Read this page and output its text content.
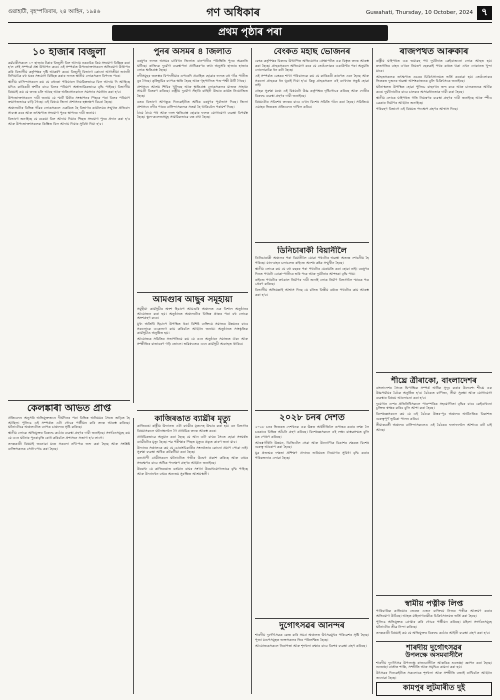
গুৱাহাটী, বৃহস্পতিবাৰ, ২৪ আহিন, ১৯৪৬	গণ অধিকাৰ	Guwahati, Thursday, 10 October, 2024 ৭
প্ৰথম পৃষ্ঠাৰ পৰা
১০ হাজাৰ বিজুলী

কৰ্মচাৰীসকলে ১০ হাজাৰ টকাৰ বিজুলী বিল আদায় নকৰাকৈ কিয় সংযোগ বিচ্ছিন্ন কৰা হ'ল সেই সম্পৰ্কে প্ৰশ্ন উত্থাপন কৰে। এই সম্পৰ্কত উপভোক্তাসকলে অভিযোগ উত্থাপন কৰি বিভাগীয় কৰ্তৃপক্ষৰ দৃষ্টি আকৰ্ষণ কৰে। বিজুলী বিভাগে কোনো আগতীয়া জাননী নিদিয়াকৈ বহু ঘৰৰ সংযোগ বিচ্ছিন্ন কৰাৰ ফলত স্থানীয় লোকসকল বিপদত পৰে।

স্থানীয় বাসিন্দাসকলে কয় যে বহুতো পৰিয়ালে নিয়মিতভাৱে বিল আদায় দি আহিছে যদিও কাৰিকৰী ত্ৰুটিৰ বাবে বিলৰ পৰিমাণ অস্বাভাৱিকভাৱে বৃদ্ধি পাইছে। বিভাগীয় বিষয়াই কয় যে তদন্ত চলি আছে আৰু অতিসোনকালে সমস্যাৰ সমাধান কৰা হ'ব।

উপভোক্তাসকলে দাবী জনায় যে স্মাৰ্ট মিটাৰ সংস্থাপনৰ পিছৰে পৰা বিলৰ পৰিমাণ ক্ৰমাগতভাৱে বাঢ়ি গৈছে। এই বিষয়ে জিলা প্ৰশাসনৰ হস্তক্ষেপ বিচৰা হৈছে।

অঞ্চলটোৰ বিভিন্ন গাঁৱৰ লোকসকলে একত্ৰিত হৈ বিভাগৰ কাৰ্যালয়ৰ সন্মুখত প্ৰতিবাদ সাব্যস্ত কৰে আৰু তৎক্ষণাত সংযোগ পুনৰ স্থাপনৰ দাবী জনায়।

বিভাগে জনাইছে যে বকেয়া বিল আদায় দিয়াৰ পিছত সংযোগ পুনৰ প্ৰদান কৰা হ'ব আৰু উপভোক্তাসকলক কিস্তিত বিল আদায় দিয়াৰ সুবিধা দিয়া হ'ব।

কেলঙ্কাৰী অভিত প্ৰাপ্ত

প্ৰতিবেদন অনুসৰি অভিযুক্তজনে দীৰ্ঘদিনৰ পৰা বিভিন্ন অনিয়মৰ সৈতে জড়িত হৈ আছিল। পুলিচে এই সম্পৰ্কত এটা গোচৰ পঞ্জীয়ন কৰি তদন্ত আৰম্ভ কৰিছে। ঘটনাটোৱে অঞ্চলটোত ব্যাপক চাঞ্চল্যৰ সৃষ্টি কৰিছে।

স্থানীয় লোকে অভিযুক্তৰ বিৰুদ্ধে কঠোৰ ব্যৱস্থা গ্ৰহণৰ দাবী জনাইছে। সংগঠনসমূহে কয় যে এনে ঘটনাৰ পুনৰাবৃত্তি ৰোধ কৰিবলৈ প্ৰশাসনে সজাগ হ'ব লাগে।

তদন্তকাৰী বিষয়াই জনোৱা মতে সকলো নথি-পত্ৰ জব্দ কৰা হৈছে আৰু সংশ্লিষ্ট ব্যক্তিসকলক সোধ-পোচ কৰা হৈছে।

পুনৰ অসমৰ ৪ জিলাত

বৰষুণৰ ফলত অসমৰ চাৰিখন জিলাত বানপানীৰ পৰিস্থিতি পুনৰ অৱনতি ঘটিছে। ৰাজ্যিক দুৰ্যোগ ব্যৱস্থাপনা প্ৰাধিকৰণৰ তথ্য অনুসৰি হাজাৰ হাজাৰ লোক ক্ষতিগ্ৰস্ত হৈছে।

নদীসমূহৰ জলস্তৰ বিপদসীমাৰ ওপৰেদি প্ৰবাহিত হোৱাৰ ফলত বহু গাঁও পানীত বুৰ গৈছে। কৃষিভূমিৰ ব্যাপক ক্ষতি হৈছে আৰু গৃহপালিত পশু-পক্ষী উটি গৈছে।

প্ৰশাসনে আশ্ৰয় শিবিৰ খুলিছে আৰু ক্ষতিগ্ৰস্ত লোকসকলৰ মাজত সাহায্য সামগ্ৰী বিতৰণ কৰিছে। ৰাষ্ট্ৰীয় দুৰ্যোগ সঁহাৰি বাহিনী উদ্ধাৰ কাৰ্যত নিয়োজিত হৈছে।

বতৰ বিভাগে আগন্তুক দিনকেইটাত অধিক বৰষুণৰ পূৰ্বাভাস দিছে। জিলা প্ৰশাসনে নদীৰ পাৰৰ বাসিন্দাসকলক সতৰ্ক হৈ থাকিবলৈ পৰামৰ্শ দিছে।

ঠায়ে ঠায়ে পথ আৰু দলং ক্ষতিগ্ৰস্ত হোৱাৰ ফলত যোগাযোগ ব্যৱস্থা বিপৰ্যস্ত হৈছে। স্কুল-কলেজসমূহ সাময়িকভাৱে বন্ধ ৰখা হৈছে।

আমগুৰি আছুৰ সমূহীয়া

সমূহীয়া কাৰ্যসূচীৰ অংশ হিচাপে আমগুৰি অঞ্চলত এক বিশাল অনুষ্ঠানৰ আয়োজন কৰা হয়। অনুষ্ঠানত অঞ্চলটোৰ বিভিন্ন প্ৰান্তৰ পৰা বহু লোকে অংশগ্ৰহণ কৰে।

মুখ্য অতিথি হিচাপে উপস্থিত থকা বিশিষ্ট ব্যক্তিয়ে সমাজৰ উন্নয়নৰ বাবে সকলোকে একেলগে কাম কৰিবলৈ আহ্বান জনায়। অনুষ্ঠানত সাংস্কৃতিক কাৰ্যসূচীও অনুষ্ঠিত হয়।

আয়োজক সমিতিৰ সভাপতিয়ে কয় যে এনে অনুষ্ঠানে সমাজত ঐক্য আৰু সম্প্ৰীতিৰ বাতাবৰণ গঢ়ি তোলে। ভৱিষ্যতেও এনে কাৰ্যসূচী অব্যাহত থাকিব।

কাজিৰঙাত ব্যাঘ্ৰীৰ মৃত্যু

কাজিৰঙা ৰাষ্ট্ৰীয় উদ্যানত এটা ব্যাঘ্ৰীৰ মৃতদেহ উদ্ধাৰ কৰা হয়। বন বিভাগৰ বিষয়াসকলে ঘটনাস্থললৈ গৈ প্ৰাথমিক তদন্ত আৰম্ভ কৰে।

প্ৰাথমিকভাৱে অনুমান কৰা হৈছে যে আন এটা বাঘৰ সৈতে হোৱা সংঘৰ্ষত ব্যাঘ্ৰীটোৰ মৃত্যু হৈছে। শৱ পৰীক্ষাৰ পিছত মৃত্যুৰ প্ৰকৃত কাৰণ জনা যাব।

উদ্যানৰ সঞ্চালকে কয় যে চোৰাংচিকাৰীৰ সংলগ্নতাৰ কোনো প্ৰমাণ পোৱা নাই। সুৰক্ষা ব্যৱস্থা অধিক কটকটীয়া কৰা হৈছে।

বন্যপ্ৰাণী প্ৰেমীসকলে ঘটনাটোত গভীৰ উদ্বেগ প্ৰকাশ কৰিছে আৰু বাঘৰ সংৰক্ষণৰ বাবে অধিক পদক্ষেপ গ্ৰহণৰ আহ্বান জনাইছে।

উল্লেখ্য যে কাজিৰঙাত বৰ্তমান বাঘৰ সংখ্যা উল্লেখযোগ্যভাৱে বৃদ্ধি পাইছে আৰু উদ্যানখন বাঘৰ অন্যতম সুৰক্ষিত আশ্ৰয়স্থলী।

বেংকত মহাছ ভোজনৰ

বেংক কৰ্তৃপক্ষৰ বিৰুদ্ধে উত্থাপিত অভিযোগৰ প্ৰেক্ষাপটত এক বিস্তৃত তদন্ত আৰম্ভ কৰা হৈছে। গ্ৰাহকসকলে অভিযোগ কৰে যে তেওঁলোকৰ একাউণ্টৰ পৰা অনুমতি নোলোৱাকৈ ধন কটা হৈছে।

এই সম্পৰ্কত বেংকৰ শাখা পৰিচালকে কয় যে কাৰিকৰী কাৰণত এনে হৈছে আৰু সকলো গ্ৰাহকক ধন ঘূৰাই দিয়া হ'ব। কিন্তু গ্ৰাহকসকল এই ব্যাখ্যাত সন্তুষ্ট হোৱা নাই।

গ্ৰাহক সুৰক্ষা মঞ্চে এই বিষয়টো উচ্চ কৰ্তৃপক্ষৰ দৃষ্টিগোচৰ কৰিছে আৰু দোষীৰ বিৰুদ্ধে ব্যৱস্থা গ্ৰহণৰ দাবী জনাইছে।

বিষয়টোৰ সবিশেষ তদন্তৰ বাবে এখন বিশেষ সমিতি গঠন কৰা হৈছে। সমিতিয়ে এমাহৰ ভিতৰত প্ৰতিবেদন দাখিল কৰিব।

ডিনিচাৰাকী বিয়ানীলৈ

ডিনিচাৰাকী অঞ্চলৰ পৰা বিয়ানীলৈ যোৱা পথটোৰ অৱস্থা অত্যন্ত শোচনীয় হৈ পৰিছে। যান-বাহন চলাচলত ৰাইজে অশেষ কষ্টৰ সন্মুখীন হৈছে।

স্থানীয় লোকে কয় যে বহু বছৰৰ পৰা পথটোৰ মেৰামতি কৰা হোৱা নাই। বৰষুণৰ দিনত পথটো বোকা-পানীৰে ভৰি পৰে আৰু দুৰ্ঘটনাৰ আশংকা বৃদ্ধি পায়।

ৰাইজে পথটোৰ তৎকাল নিৰ্মাণৰ দাবী জনাই লোক নিৰ্মাণ বিভাগলৈ স্মাৰক পত্ৰ প্ৰেৰণ কৰিছে।

বিভাগীয় অভিযন্তাই আশ্বাস দিছে যে চলিত বিত্তীয় বৰ্ষতে পথটোৰ কাম আৰম্ভ কৰা হ'ব।

২০২৮ চনৰ দেশত

২০২৮ চনৰ ভিতৰত দেশখনক এক উন্নত অৰ্থনীতিলৈ ৰূপান্তৰ কৰাৰ লক্ষ্য লৈ চৰকাৰে বিভিন্ন আঁচনি গ্ৰহণ কৰিছে। বিশেষজ্ঞসকলে এই লক্ষ্য বাস্তৱসন্মত বুলি মত পোষণ কৰিছে।

আন্তঃগাঁথনি উন্নয়ন, ডিজিটেল সেৱা আৰু উদ্যোগিক বিকাশৰ ক্ষেত্ৰত বিশেষ গুৰুত্ব আৰোপ কৰা হৈছে।

যুৱ প্ৰজন্মক দক্ষতা প্ৰশিক্ষণ প্ৰদানৰ জৰিয়তে নিয়োগৰ সুবিধা বৃদ্ধি কৰাৰ পৰিকল্পনাও লোৱা হৈছে।

দুৰ্গোৎসৱৰ আনন্দৰ

শাৰদীয় দুৰ্গোৎসৱক কেন্দ্ৰ কৰি সমগ্ৰ অঞ্চলত উৎসৱমুখৰ পৰিৱেশৰ সৃষ্টি হৈছে। পূজা মণ্ডপসমূহত ভক্তসকলৰ ভিৰ পৰিলক্ষিত হৈছে।

আয়োজকসকলে নিৰাপত্তা আৰু শৃংখলা ৰক্ষাৰ বাবে বিশেষ ব্যৱস্থা গ্ৰহণ কৰিছে।

ৰাজপথত আৰুকীৰ

ৰাষ্ট্ৰীয় ঘাইপথত এক ভয়াৱহ পথ দুৰ্ঘটনাত কেইবাজনো লোক আহত হয়। দ্ৰুতগতিৰ বাহন এখনে নিয়ন্ত্ৰণ হেৰুৱাই পথৰ কাষত থকা এখন দোকানত খুন্দা মাৰে।

আহতসকলক তৎক্ষণাত ওচৰৰ চিকিৎসালয়ত ভৰ্তি কৰোৱা হয়। তেওঁলোকৰ ভিতৰত দুজনৰ অৱস্থা আশংকাজনক বুলি চিকিৎসকে জনাইছে।

ঘটনাস্থলত উপস্থিত হোৱা পুলিচে বাহনখন জব্দ কৰে আৰু চালকজনক আটক কৰে। দুৰ্ঘটনাটোৰ বাবে চালকৰ অসাৱধানতাক দায়ী কৰা হৈছে।

স্থানীয় লোকে ঘাইপথত গতি নিয়ন্ত্ৰণৰ ব্যৱস্থা গ্ৰহণৰ দাবী জনাইছে আৰু স্পীড ব্ৰেকাৰ নিৰ্মাণৰ আহ্বান জনাইছে।

পৰিবহণ বিভাগে এই বিষয়ত পদক্ষেপ গ্ৰহণৰ আশ্বাস দিছে।

শীঘ্ৰে ত্ৰীৰাকো, বাংলাদেশৰ

বাংলাদেশৰ সৈতে দ্বিপাক্ষিক সম্পৰ্ক অধিক সুদৃঢ় কৰাৰ উদ্দেশ্যে শীঘ্ৰে এক উচ্চপৰ্যায়ৰ বৈঠক অনুষ্ঠিত হ'ব। বৈঠকত বাণিজ্য, সীমা সুৰক্ষা আৰু যোগাযোগ ব্যৱস্থাৰ বিষয়ে আলোচনা কৰা হ'ব।

দুয়োখন দেশৰ প্ৰতিনিধিসকলে পাৰস্পৰিক সহযোগিতা বৃদ্ধিৰ বাবে কেইবাখনো চুক্তিত স্বাক্ষৰ কৰিব বুলি আশা কৰা হৈছে।

বিশেষজ্ঞসকলে কয় যে এই বৈঠকে উত্তৰ-পূব অঞ্চলৰ অৰ্থনৈতিক বিকাশত গুৰুত্বপূৰ্ণ ভূমিকা পালন কৰিব।

সীমান্তবৰ্তী অঞ্চলৰ বাসিন্দাসকলেও এই বৈঠকৰ ফলাফললৈ আশাৰে বাট চাই আছে।

স্বামীয় পত্নীক লিপ্ত

পাৰিবাৰিক কাজিয়াৰ জেৰত এজন ব্যক্তিয়ে নিজৰ পত্নীক আক্ৰমণ কৰাৰ অভিযোগ উঠিছে। আহত মহিলাগৰাকীক চিকিৎসালয়ত ভৰ্তি কৰা হৈছে।

পুলিচে অভিযুক্তক গ্ৰেপ্তাৰ কৰি গোচৰ পঞ্জীয়ন কৰিছে। মহিলা সংগঠনসমূহে ঘটনাটোৰ তীব্ৰ নিন্দা কৰিছে।

তদন্তকাৰী বিষয়াই কয় যে অভিযুক্তৰ বিৰুদ্ধে কঠোৰ আইনী ব্যৱস্থা গ্ৰহণ কৰা হ'ব।

শাৰদীয় দুৰ্গোৎসৱৰ
উপলক্ষে অসমবাসীলৈ

শাৰদীয় দুৰ্গোৎসৱ উপলক্ষে ৰাজ্যবাসীলৈ আন্তৰিক শুভেচ্ছা জ্ঞাপন কৰা হৈছে। শুভেচ্ছা বাৰ্তাত শান্তি, সম্প্ৰীতি আৰু সমৃদ্ধিৰ কামনা কৰা হয়।

উৎসৱৰ দিনকেইটাত সকলোকে শৃংখলা আৰু সম্প্ৰীতি বজাই ৰাখিবলৈ আহ্বান জনোৱা হৈছে।

কামপুৰ লুটমাৰীত দুই
